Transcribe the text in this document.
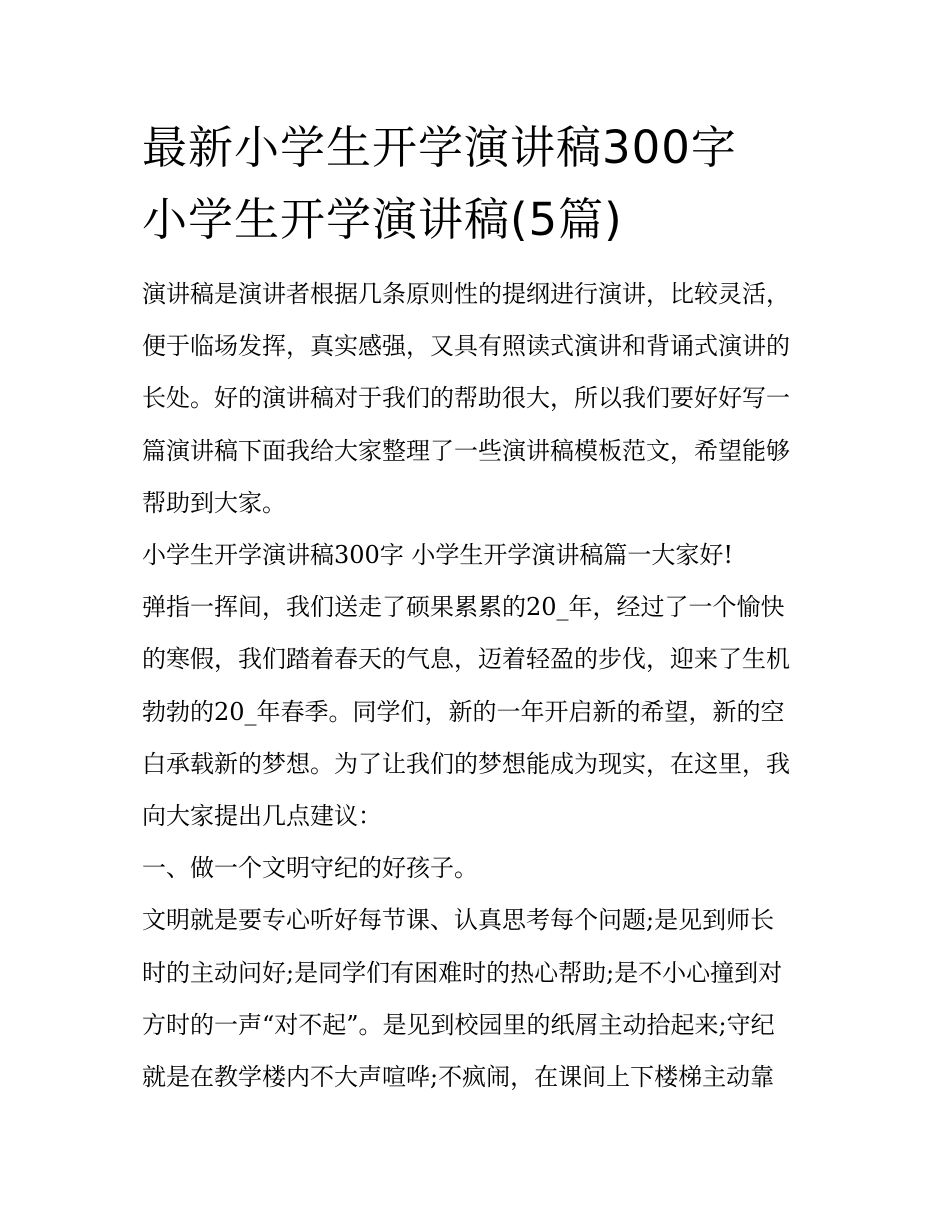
最新小学生开学演讲稿300字
小学生开学演讲稿(5篇)
演讲稿是演讲者根据几条原则性的提纲进行演讲，比较灵活，
便于临场发挥，真实感强，又具有照读式演讲和背诵式演讲的
长处。好的演讲稿对于我们的帮助很大，所以我们要好好写一
篇演讲稿下面我给大家整理了一些演讲稿模板范文，希望能够
帮助到大家。
小学生开学演讲稿300字 小学生开学演讲稿篇一大家好!
弹指一挥间，我们送走了硕果累累的20_年，经过了一个愉快
的寒假，我们踏着春天的气息，迈着轻盈的步伐，迎来了生机
勃勃的20_年春季。同学们，新的一年开启新的希望，新的空
白承载新的梦想。为了让我们的梦想能成为现实，在这里，我
向大家提出几点建议：
一、做一个文明守纪的好孩子。
文明就是要专心听好每节课、认真思考每个问题;是见到师长
时的主动问好;是同学们有困难时的热心帮助;是不小心撞到对
方时的一声“对不起”。是见到校园里的纸屑主动拾起来;守纪
就是在教学楼内不大声喧哗;不疯闹，在课间上下楼梯主动靠
